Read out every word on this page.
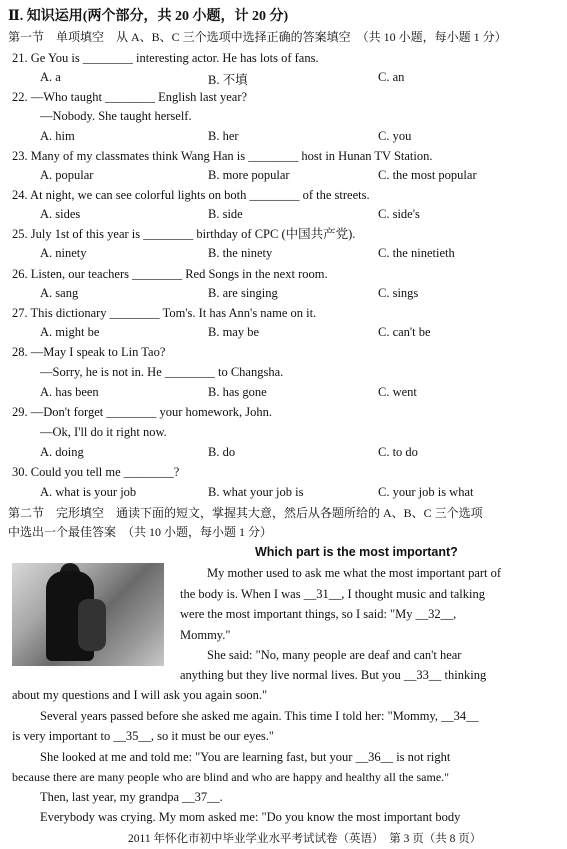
Ⅱ. 知识运用(两个部分，共 20 小题，计 20 分)
第一节　单项填空　从 A、B、C 三个选项中选择正确的答案填空　（共 10 小题，每小题 1 分）
21. Ge You is ________ interesting actor. He has lots of fans.
A. a	B. 不填	C. an
22. —Who taught ________ English last year?
—Nobody. She taught herself.
A. him	B. her	C. you
23. Many of my classmates think Wang Han is ________ host in Hunan TV Station.
A. popular	B. more popular	C. the most popular
24. At night, we can see colorful lights on both ________ of the streets.
A. sides	B. side	C. side's
25. July 1st of this year is ________ birthday of CPC (中国共产党).
A. ninety	B. the ninety	C. the ninetieth
26. Listen, our teachers ________ Red Songs in the next room.
A. sang	B. are singing	C. sings
27. This dictionary ________ Tom's. It has Ann's name on it.
A. might be	B. may be	C. can't be
28. —May I speak to Lin Tao?
—Sorry, he is not in. He ________ to Changsha.
A. has been	B. has gone	C. went
29. —Don't forget ________ your homework, John.
—Ok, I'll do it right now.
A. doing	B. do	C. to do
30. Could you tell me ________?
A. what is your job	B. what your job is	C. your job is what
第二节　完形填空　通读下面的短文，掌握其大意，然后从各题所给的 A、B、C 三个选项
中选出一个最佳答案　（共 10 小题，每小题 1 分）
Which part is the most important?
My mother used to ask me what the most important part of
the body is. When I was __31__, I thought music and talking
were the most important things, so I said: "My __32__,
Mommy."
She said: "No, many people are deaf and can't hear
anything but they live normal lives. But you __33__ thinking
about my questions and I will ask you again soon."
Several years passed before she asked me again. This time I told her: "Mommy, __34__
is very important to __35__, so it must be our eyes."
She looked at me and told me: "You are learning fast, but your __36__ is not right
because there are many people who are blind and who are happy and healthy all the same."
Then, last year, my grandpa __37__.
Everybody was crying. My mom asked me: "Do you know the most important body
2011 年怀化市初中毕业学业水平考试试卷（英语）　第 3 页（共 8 页）
